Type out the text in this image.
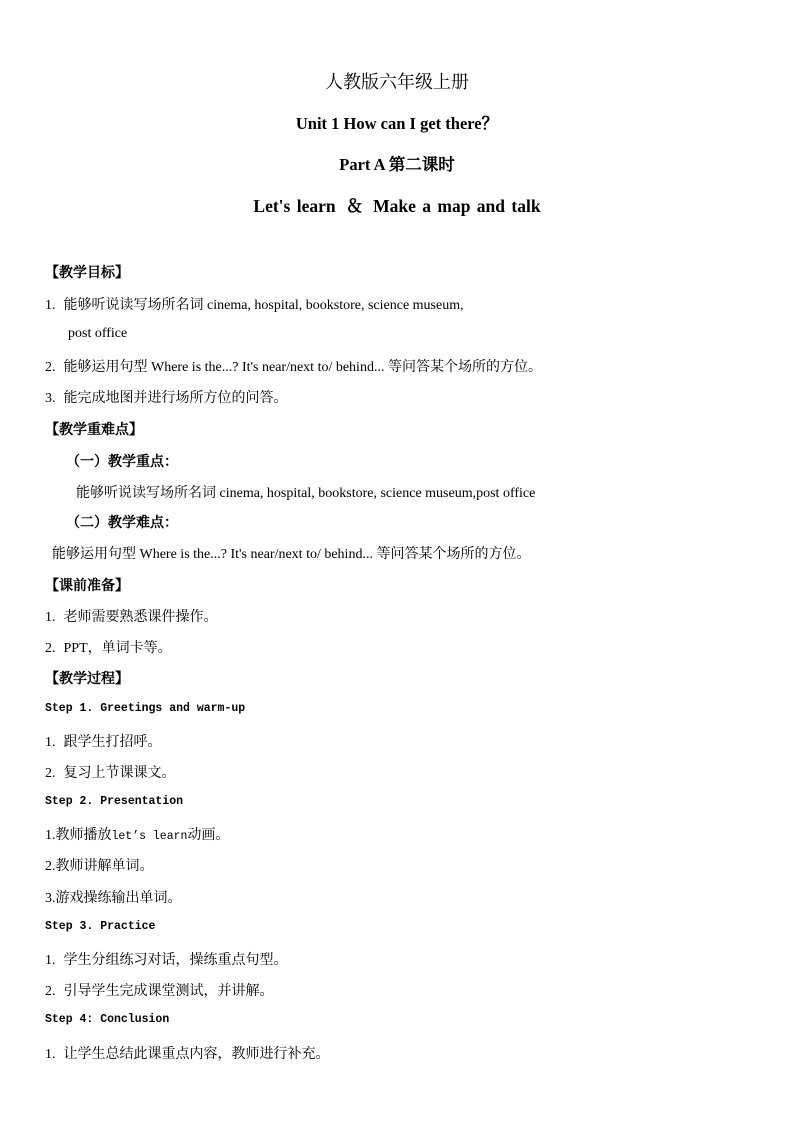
人教版六年级上册
Unit 1 How can I get there？
Part A 第二课时
Let's learn ＆ Make a map and talk
【教学目标】
1. 能够听说读写场所名词 cinema, hospital, bookstore, science museum,
post office
2. 能够运用句型 Where is the...? It's near/next to/ behind... 等问答某个场所的方位。
3. 能完成地图并进行场所方位的问答。
【教学重难点】
（一）教学重点：
能够听说读写场所名词 cinema, hospital, bookstore, science museum,post office
（二）教学难点：
能够运用句型 Where is the...? It's near/next to/ behind... 等问答某个场所的方位。
【课前准备】
1. 老师需要熟悉课件操作。
2. PPT，单词卡等。
【教学过程】
Step 1. Greetings and warm-up
1. 跟学生打招呼。
2. 复习上节课课文。
Step 2. Presentation
1.教师播放let’s learn动画。
2.教师讲解单词。
3.游戏操练输出单词。
Step 3. Practice
1. 学生分组练习对话，操练重点句型。
2. 引导学生完成课堂测试，并讲解。
Step 4: Conclusion
1. 让学生总结此课重点内容，教师进行补充。
